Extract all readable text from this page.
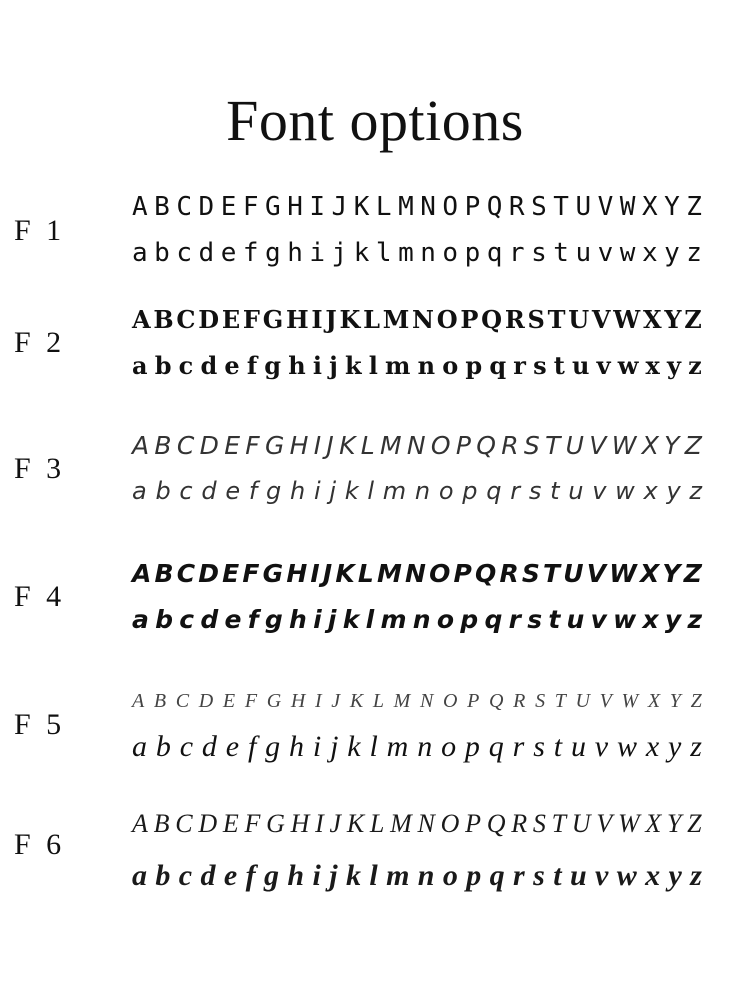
Font options
F 1
A B C D E F G H I J K L M N O P Q R S T U V W X Y Z
a b c d e f g h i j k l m n o p q r s t u v w x y z
F 2
A B C D E F G H I J K L M N O P Q R S T U V W X Y Z
a b c d e f g h i j k l m n o p q r s t u v w x y z
F 3
A B C D E F G H I J K L M N O P Q R S T U V W X Y Z
a b c d e f g h i j k l m n o p q r s t u v w x y z
F 4
A B C D E F G H I J K L M N O P Q R S T U V W X Y Z
a b c d e f g h i j k l m n o p q r s t u v w x y z
F 5
A B C D E F G H I J K L M N O P Q R S T U V W X Y Z
a b c d e f g h i j k l m n o p q r s t u v w x y z
F 6
A B C D E F G H I J K L M N O P Q R S T U V W X Y Z
a b c d e f g h i j k l m n o p q r s t u v w x y z
